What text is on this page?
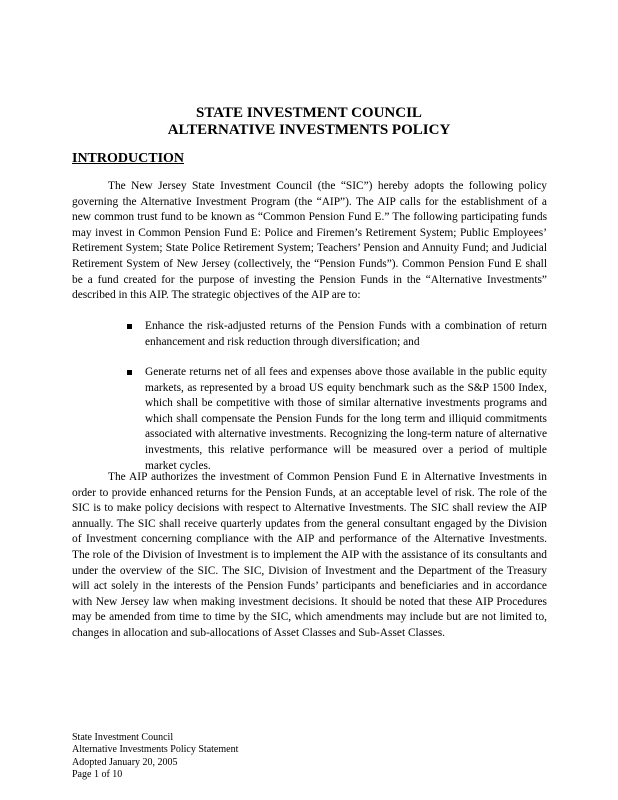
STATE INVESTMENT COUNCIL
ALTERNATIVE INVESTMENTS POLICY
INTRODUCTION

The New Jersey State Investment Council (the “SIC”) hereby adopts the following policy governing the Alternative Investment Program (the “AIP”). The AIP calls for the establishment of a new common trust fund to be known as “Common Pension Fund E.” The following participating funds may invest in Common Pension Fund E: Police and Firemen’s Retirement System; Public Employees’ Retirement System; State Police Retirement System; Teachers’ Pension and Annuity Fund; and Judicial Retirement System of New Jersey (collectively, the “Pension Funds”). Common Pension Fund E shall be a fund created for the purpose of investing the Pension Funds in the “Alternative Investments” described in this AIP. The strategic objectives of the AIP are to:

Enhance the risk-adjusted returns of the Pension Funds with a combination of return enhancement and risk reduction through diversification; and
Generate returns net of all fees and expenses above those available in the public equity markets, as represented by a broad US equity benchmark such as the S&P 1500 Index, which shall be competitive with those of similar alternative investments programs and which shall compensate the Pension Funds for the long term and illiquid commitments associated with alternative investments. Recognizing the long-term nature of alternative investments, this relative performance will be measured over a period of multiple market cycles.

The AIP authorizes the investment of Common Pension Fund E in Alternative Investments in order to provide enhanced returns for the Pension Funds, at an acceptable level of risk. The role of the SIC is to make policy decisions with respect to Alternative Investments. The SIC shall review the AIP annually. The SIC shall receive quarterly updates from the general consultant engaged by the Division of Investment concerning compliance with the AIP and performance of the Alternative Investments. The role of the Division of Investment is to implement the AIP with the assistance of its consultants and under the overview of the SIC. The SIC, Division of Investment and the Department of the Treasury will act solely in the interests of the Pension Funds’ participants and beneficiaries and in accordance with New Jersey law when making investment decisions. It should be noted that these AIP Procedures may be amended from time to time by the SIC, which amendments may include but are not limited to, changes in allocation and sub-allocations of Asset Classes and Sub-Asset Classes.

State Investment Council
Alternative Investments Policy Statement
Adopted January 20, 2005
Page 1 of 10
